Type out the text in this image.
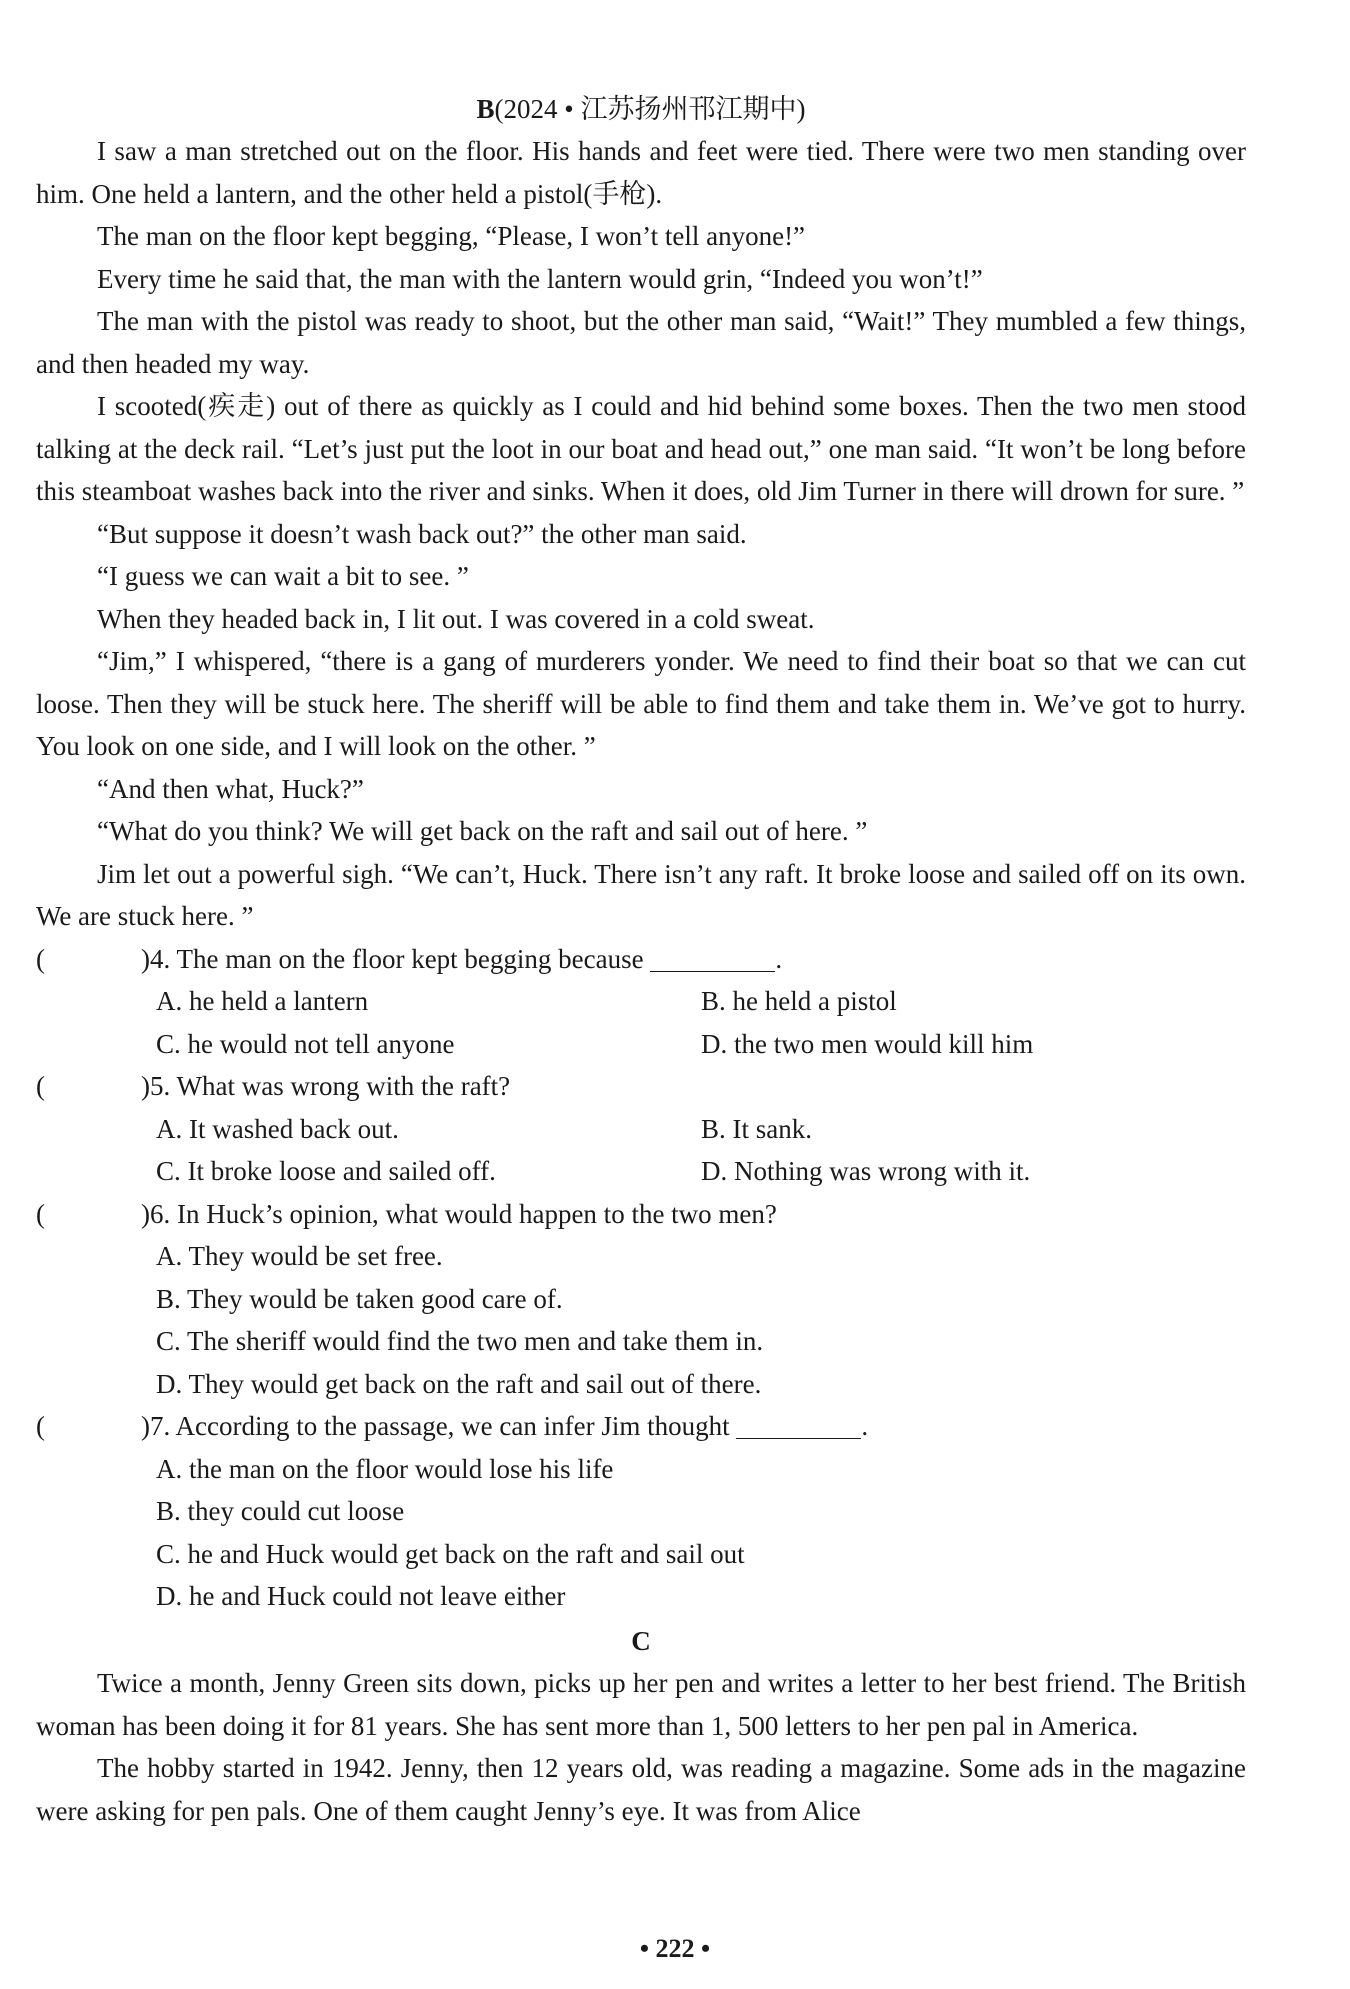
B(2024 • 江苏扬州邗江期中)

I saw a man stretched out on the floor. His hands and feet were tied. There were two men standing over him. One held a lantern, and the other held a pistol(手枪).

The man on the floor kept begging, “Please, I won’t tell anyone!”

Every time he said that, the man with the lantern would grin, “Indeed you won’t!”

The man with the pistol was ready to shoot, but the other man said, “Wait!” They mumbled a few things, and then headed my way.

I scooted(疾走) out of there as quickly as I could and hid behind some boxes. Then the two men stood talking at the deck rail. “Let’s just put the loot in our boat and head out,” one man said. “It won’t be long before this steamboat washes back into the river and sinks. When it does, old Jim Turner in there will drown for sure. ”

“But suppose it doesn’t wash back out?” the other man said.

“I guess we can wait a bit to see. ”

When they headed back in, I lit out. I was covered in a cold sweat.

“Jim,” I whispered, “there is a gang of murderers yonder. We need to find their boat so that we can cut loose. Then they will be stuck here. The sheriff will be able to find them and take them in. We’ve got to hurry. You look on one side, and I will look on the other. ”

“And then what, Huck?”

“What do you think? We will get back on the raft and sail out of here. ”

Jim let out a powerful sigh. “We can’t, Huck. There isn’t any raft. It broke loose and sailed off on its own. We are stuck here. ”

(	)4. The man on the floor kept begging because	.
A. he held a lantern	B. he held a pistol
C. he would not tell anyone	D. the two men would kill him
(	)5. What was wrong with the raft?
A. It washed back out.	B. It sank.
C. It broke loose and sailed off.	D. Nothing was wrong with it.
(	)6. In Huck’s opinion, what would happen to the two men?
A. They would be set free.
B. They would be taken good care of.
C. The sheriff would find the two men and take them in.
D. They would get back on the raft and sail out of there.
(	)7. According to the passage, we can infer Jim thought	.
A. the man on the floor would lose his life
B. they could cut loose
C. he and Huck would get back on the raft and sail out
D. he and Huck could not leave either
C

Twice a month, Jenny Green sits down, picks up her pen and writes a letter to her best friend. The British woman has been doing it for 81 years. She has sent more than 1, 500 letters to her pen pal in America.

The hobby started in 1942. Jenny, then 12 years old, was reading a magazine. Some ads in the magazine were asking for pen pals. One of them caught Jenny’s eye. It was from Alice

• 222 •
